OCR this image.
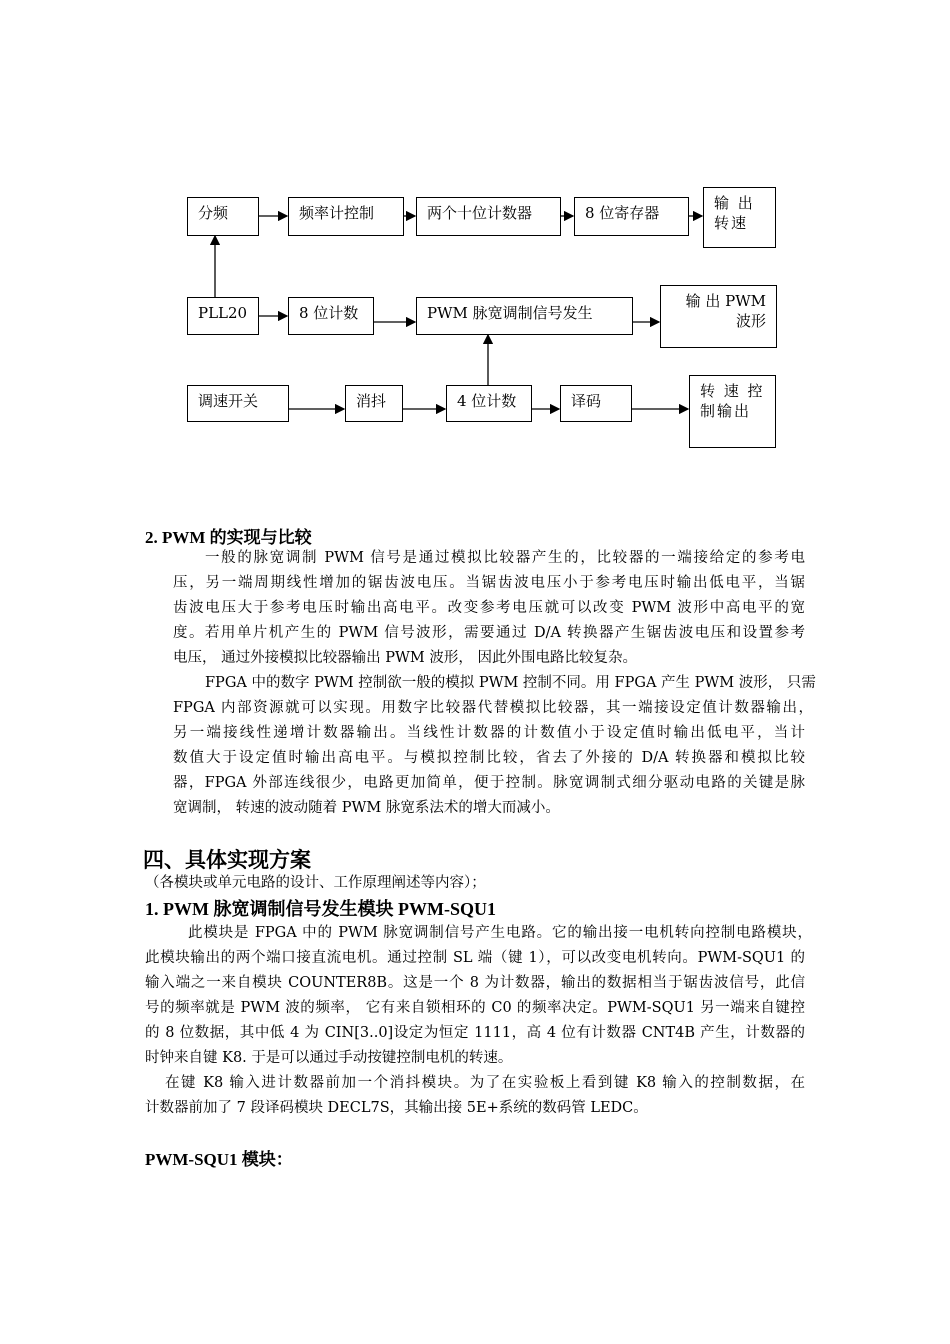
分频	频率计控制	两个十位计数器	8 位寄存器
输 出 转速
PLL20	8 位计数	PWM 脉宽调制信号发生
输 出 PWM 波形
调速开关	消抖	4 位计数	译码
转 速 控 制输出
2. PWM 的实现与比较
一般的脉宽调制 PWM 信号是通过模拟比较器产生的，比较器的一端接给定的参考电
压，另一端周期线性增加的锯齿波电压。当锯齿波电压小于参考电压时输出低电平，当锯
齿波电压大于参考电压时输出高电平。改变参考电压就可以改变 PWM 波形中高电平的宽
度。若用单片机产生的 PWM 信号波形，需要通过 D/A 转换器产生锯齿波电压和设置参考
电压， 通过外接模拟比较器输出 PWM 波形， 因此外围电路比较复杂。
FPGA 中的数字 PWM 控制欲一般的模拟 PWM 控制不同。用 FPGA 产生 PWM 波形， 只需
FPGA 内部资源就可以实现。用数字比较器代替模拟比较器，其一端接设定值计数器输出，
另一端接线性递增计数器输出。当线性计数器的计数值小于设定值时输出低电平，当计
数值大于设定值时输出高电平。与模拟控制比较，省去了外接的 D/A 转换器和模拟比较
器，FPGA 外部连线很少，电路更加简单，便于控制。脉宽调制式细分驱动电路的关键是脉
宽调制， 转速的波动随着 PWM 脉宽系法术的增大而减小。
四、具体实现方案
（各模块或单元电路的设计、工作原理阐述等内容）；
1. PWM 脉宽调制信号发生模块 PWM-SQU1
此模块是 FPGA 中的 PWM 脉宽调制信号产生电路。它的输出接一电机转向控制电路模块，
此模块输出的两个端口接直流电机。通过控制 SL 端（键 1），可以改变电机转向。PWM-SQU1 的
输入端之一来自模块 COUNTER8B。这是一个 8 为计数器，输出的数据相当于锯齿波信号，此信
号的频率就是 PWM 波的频率， 它有来自锁相环的 C0 的频率决定。PWM-SQU1 另一端来自键控
的 8 位数据，其中低 4 为 CIN[3..0]设定为恒定 1111，高 4 位有计数器 CNT4B 产生，计数器的
时钟来自键 K8. 于是可以通过手动按键控制电机的转速。
在键 K8 输入进计数器前加一个消抖模块。为了在实验板上看到键 K8 输入的控制数据，在
计数器前加了 7 段译码模块 DECL7S，其输出接 5E+系统的数码管 LEDC。
PWM-SQU1 模块：
